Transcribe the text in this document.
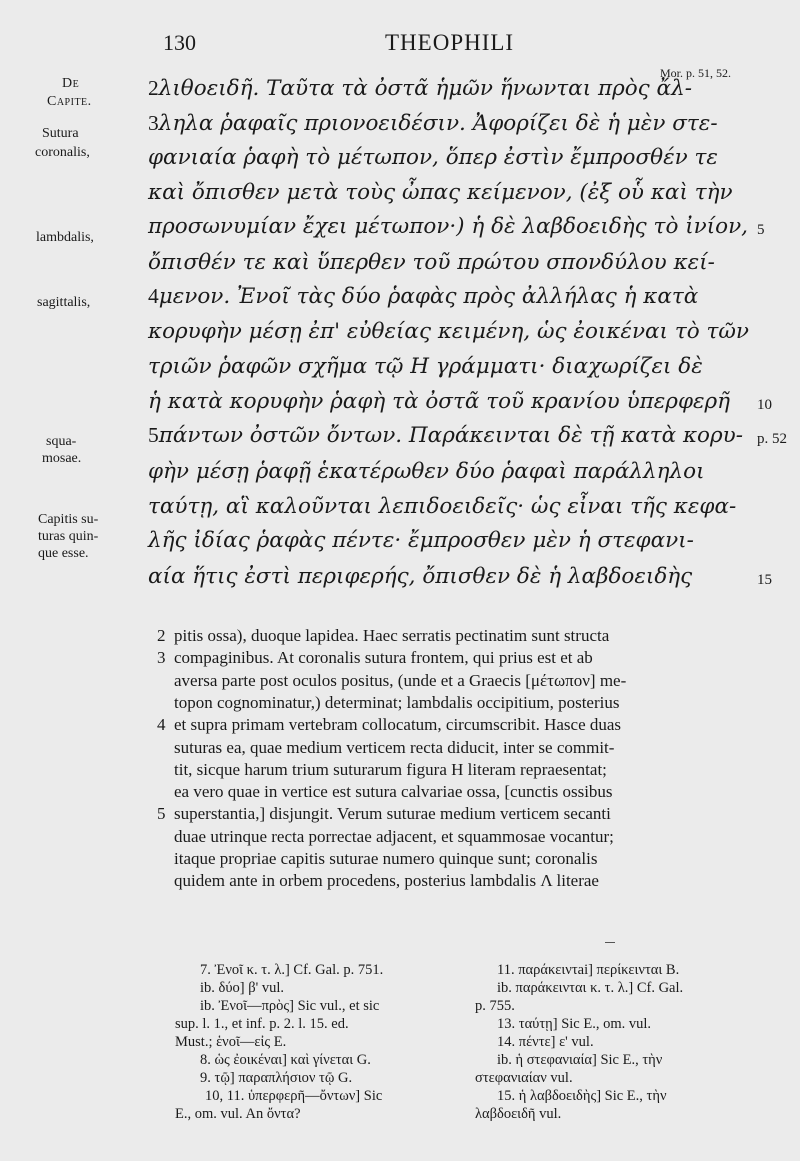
130	THEOPHILI
Mor. p. 51, 52.
De
Capite.
Sutura
coronalis,
lambdalis,
sagittalis,
squa-
mosae.
Capitis su-
turas quin-
que esse.
2λιθοειδῆ. Ταῦτα τὰ ὀστᾶ ἡμῶν ἥνωνται πρὸς ἄλ-
3ληλα ῥαφαῖς πριονοειδέσιν. Ἀφορίζει δὲ ἡ μὲν στε-
φανιαία ῥαφὴ τὸ μέτωπον, ὅπερ ἐστὶν ἔμπροσθέν τε
καὶ ὄπισθεν μετὰ τοὺς ὦπας κείμενον, (ἐξ οὗ καὶ τὴν
προσωνυμίαν ἔχει μέτωπον·) ἡ δὲ λαβδοειδὴς τὸ ἰνίον, 5
ὄπισθέν τε καὶ ὕπερθεν τοῦ πρώτου σπονδύλου κεί-
4μενον. Ἐνοῖ τὰς δύο ῥαφὰς πρὸς ἀλλήλας ἡ κατὰ
κορυφὴν μέσῃ ἐπ' εὐθείας κειμένη, ὡς ἐοικέναι τὸ τῶν
τριῶν ῥαφῶν σχῆμα τῷ Η γράμματι· διαχωρίζει δὲ
ἡ κατὰ κορυφὴν ῥαφὴ τὰ ὀστᾶ τοῦ κρανίου ὑπερφερῆ 10
5πάντων ὀστῶν ὄντων. Παράκεινται δὲ τῇ κατὰ κορυ- p. 52
φὴν μέσῃ ῥαφῇ ἑκατέρωθεν δύο ῥαφαὶ παράλληλοι
ταύτῃ, αἳ καλοῦνται λεπιδοειδεῖς· ὡς εἶναι τῆς κεφα-
λῆς ἰδίας ῥαφὰς πέντε· ἔμπροσθεν μὲν ἡ στεφανι-
αία ἥτις ἐστὶ περιφερής, ὄπισθεν δὲ ἡ λαβδοειδὴς	15
2 pitis ossa), duoque lapidea. Haec serratis pectinatim sunt structa
3 compaginibus. At coronalis sutura frontem, qui prius est et ab
aversa parte post oculos positus, (unde et a Graecis [μέτωπον] me-
topon cognominatur,) determinat; lambdalis occipitium, posterius
4 et supra primam vertebram collocatum, circumscribit. Hasce duas
suturas ea, quae medium verticem recta diducit, inter se commit-
tit, sicque harum trium suturarum figura H literam repraesentat;
ea vero quae in vertice est sutura calvariae ossa, [cunctis ossibus
5 superstantia,] disjungit. Verum suturae medium verticem secanti
duae utrinque recta porrectae adjacent, et squammosae vocantur;
itaque propriae capitis suturae numero quinque sunt; coronalis
quidem ante in orbem procedens, posterius lambdalis Λ literae
7. Ἐνοῖ κ. τ. λ.] Cf. Gal. p. 751.
ib. δύο] β' vul.
ib. Ἐνοῖ—πρὸς] Sic vul., et sic
sup. l. 1., et inf. p. 2. l. 15. ed.
Must.; ἑνοῖ—εἰς E.
8. ὡς ἐοικέναι] καὶ γίνεται G.
9. τῷ] παραπλήσιον τῷ G.
10, 11. ὑπερφερῆ—ὄντων] Sic
E., om. vul. An ὄντα?
11. παράκειντai] περίκεινται B.
ib. παράκεινται κ. τ. λ.] Cf. Gal.
p. 755.
13. ταύτῃ] Sic E., om. vul.
14. πέντε] ε' vul.
ib. ἡ στεφανιαία] Sic E., τὴν
στεφανιαίαν vul.
15. ἡ λαβδοειδὴς] Sic E., τὴν
λαβδοειδῆ vul.
